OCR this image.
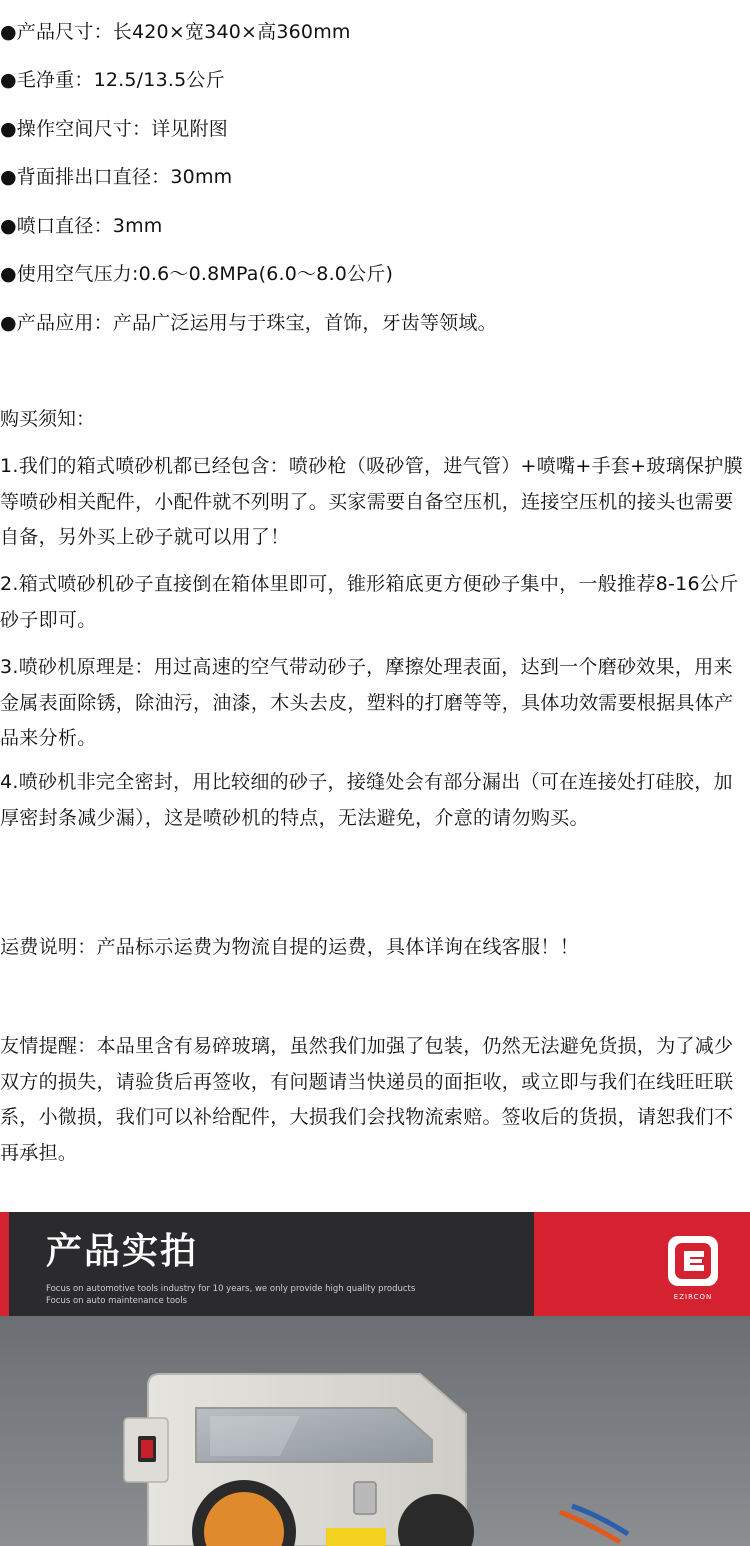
●产品尺寸：长420×宽340×高360mm
●毛净重：12.5/13.5公斤
●操作空间尺寸：详见附图
●背面排出口直径：30mm
●喷口直径：3mm
●使用空气压力:0.6～0.8MPa(6.0～8.0公斤)
●产品应用：产品广泛运用与于珠宝，首饰，牙齿等领域。
购买须知：
1.我们的箱式喷砂机都已经包含：喷砂枪（吸砂管，进气管）+喷嘴+手套+玻璃保护膜等喷砂相关配件，小配件就不列明了。买家需要自备空压机，连接空压机的接头也需要自备，另外买上砂子就可以用了！
2.箱式喷砂机砂子直接倒在箱体里即可，锥形箱底更方便砂子集中，一般推荐8-16公斤砂子即可。
3.喷砂机原理是：用过高速的空气带动砂子，摩擦处理表面，达到一个磨砂效果，用来金属表面除锈，除油污，油漆，木头去皮，塑料的打磨等等，具体功效需要根据具体产品来分析。
4.喷砂机非完全密封，用比较细的砂子，接缝处会有部分漏出（可在连接处打硅胶，加厚密封条减少漏），这是喷砂机的特点，无法避免，介意的请勿购买。
运费说明：产品标示运费为物流自提的运费，具体详询在线客服！！
友情提醒：本品里含有易碎玻璃，虽然我们加强了包装，仍然无法避免货损，为了减少双方的损失，请验货后再签收，有问题请当快递员的面拒收，或立即与我们在线旺旺联系，小微损，我们可以补给配件，大损我们会找物流索赔。签收后的货损，请恕我们不再承担。
产品实拍
Focus on automotive tools industry for 10 years, we only provide high quality products
Focus on auto maintenance tools	EZIRCON
